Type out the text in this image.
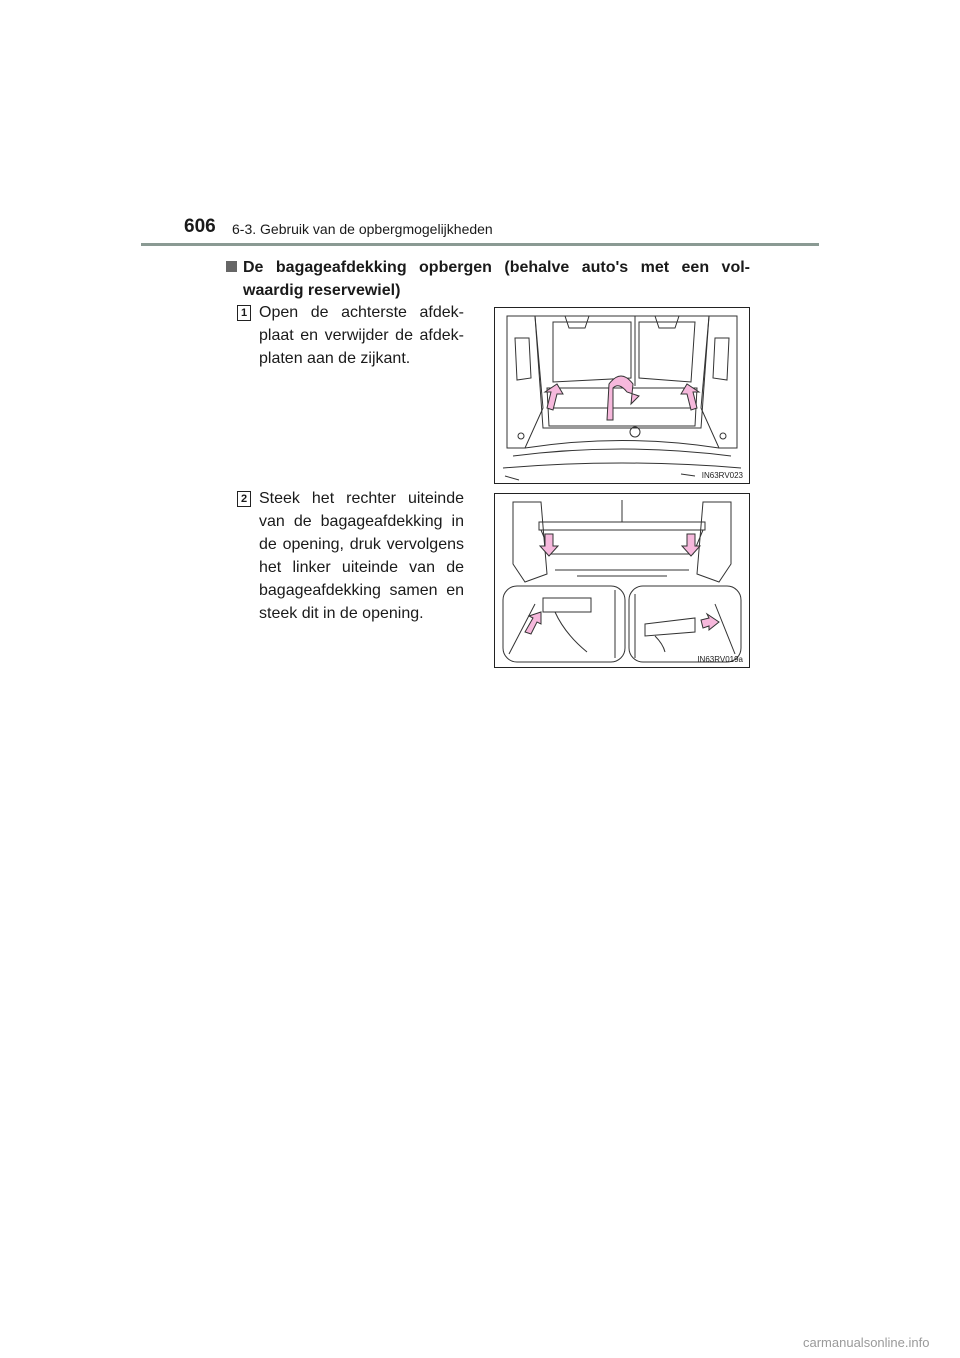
606 6-3. Gebruik van de opbergmogelijkheden
De bagageafdekking opbergen (behalve auto's met een vol-
waardig reservewiel)
1 Open de achterste afdek-
plaat en verwijder de afdek-
platen aan de zijkant.
IN63RV023
2 Steek het rechter uiteinde
van de bagageafdekking in
de opening, druk vervolgens
het linker uiteinde van de
bagageafdekking samen en
steek dit in de opening.
IN63RV019a
carmanualsonline.info
